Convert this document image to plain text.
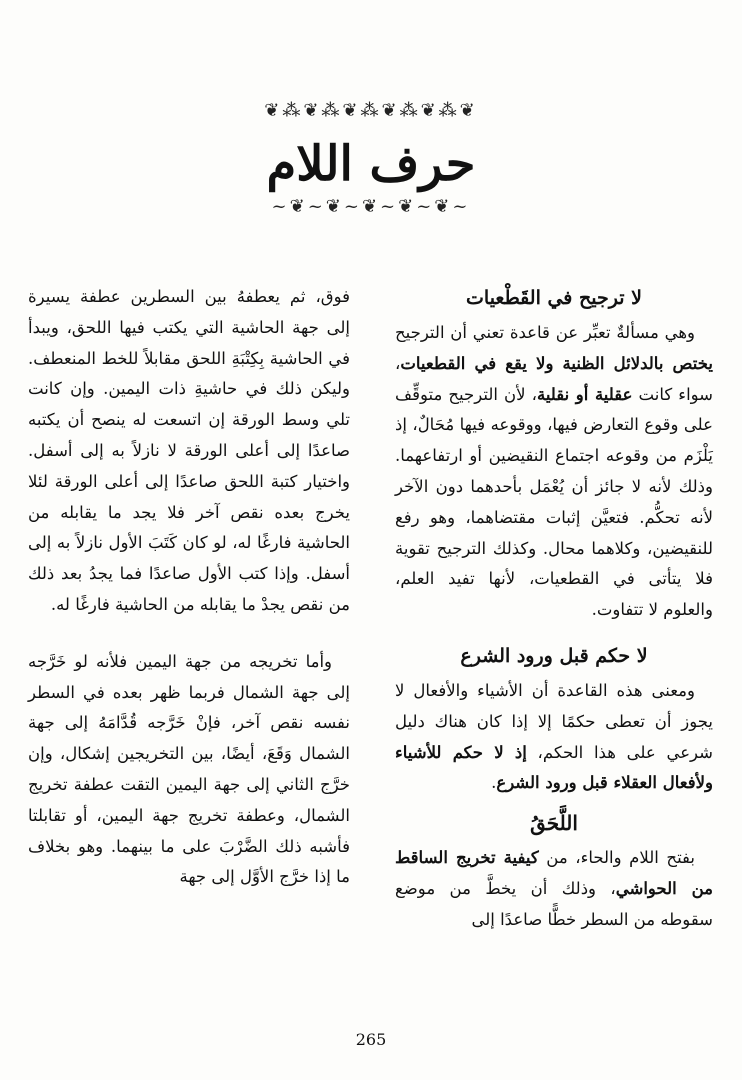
❦⁂❦⁂❦⁂❦⁂❦⁂❦
حرف اللام
~❦~❦~❦~❦~❦~
لا ترجيح في القَطْعيات

وهي مسألةٌ تعبِّر عن قاعدة تعني أن الترجيح يختص بالدلائل الظنية ولا يقع في القطعيات، سواء كانت عقلية أو نقلية، لأن الترجيح متوقِّف على وقوع التعارض فيها، ووقوعه فيها مُحَالٌ، إذ يَلْزَم من وقوعه اجتماع النقيضين أو ارتفاعهما. وذلك لأنه لا جائز أن يُعْمَل بأحدهما دون الآخر لأنه تحكُّم. فتعيَّن إثبات مقتضاهما، وهو رفع للنقيضين، وكلاهما محال. وكذلك الترجيح تقوية فلا يتأتى في القطعيات، لأنها تفيد العلم، والعلوم لا تتفاوت.

لا حكم قبل ورود الشرع

ومعنى هذه القاعدة أن الأشياء والأفعال لا يجوز أن تعطى حكمًا إلا إذا كان هناك دليل شرعي على هذا الحكم، إذ لا حكم للأشياء ولأفعال العقلاء قبل ورود الشرع.

اللَّحَقُ

بفتح اللام والحاء، من كيفية تخريج الساقط من الحواشي، وذلك أن يخطَّ من موضع سقوطه من السطر خطًّا صاعدًا إلى

فوق، ثم يعطفهُ بين السطرين عطفة يسيرة إلى جهة الحاشية التي يكتب فيها اللحق، ويبدأ في الحاشية بِكِتْبَةِ اللحق مقابلاً للخط المنعطف. وليكن ذلك في حاشيةِ ذات اليمين. وإن كانت تلي وسط الورقة إن اتسعت له ينصح أن يكتبه صاعدًا إلى أعلى الورقة لا نازلاً به إلى أسفل. واختيار كتبة اللحق صاعدًا إلى أعلى الورقة لئلا يخرج بعده نقص آخر فلا يجد ما يقابله من الحاشية فارغًا له، لو كان كَتَبَ الأول نازلاً به إلى أسفل. وإذا كتب الأول صاعدًا فما يجدُ بعد ذلك من نقص يجدْ ما يقابله من الحاشية فارغًا له.

وأما تخريجه من جهة اليمين فلأنه لو خَرَّجه إلى جهة الشمال فربما ظهر بعده في السطر نفسه نقص آخر، فإنْ خَرَّجه قُدَّامَهُ إلى جهة الشمال وَقَعَ، أيضًا، بين التخريجين إشكال، وإن خرَّج الثاني إلى جهة اليمين التقت عطفة تخريج الشمال، وعطفة تخريج جهة اليمين، أو تقابلتا فأشبه ذلك الضَّرْبَ على ما بينهما. وهو بخلاف ما إذا خرَّج الأوَّل إلى جهة

265
